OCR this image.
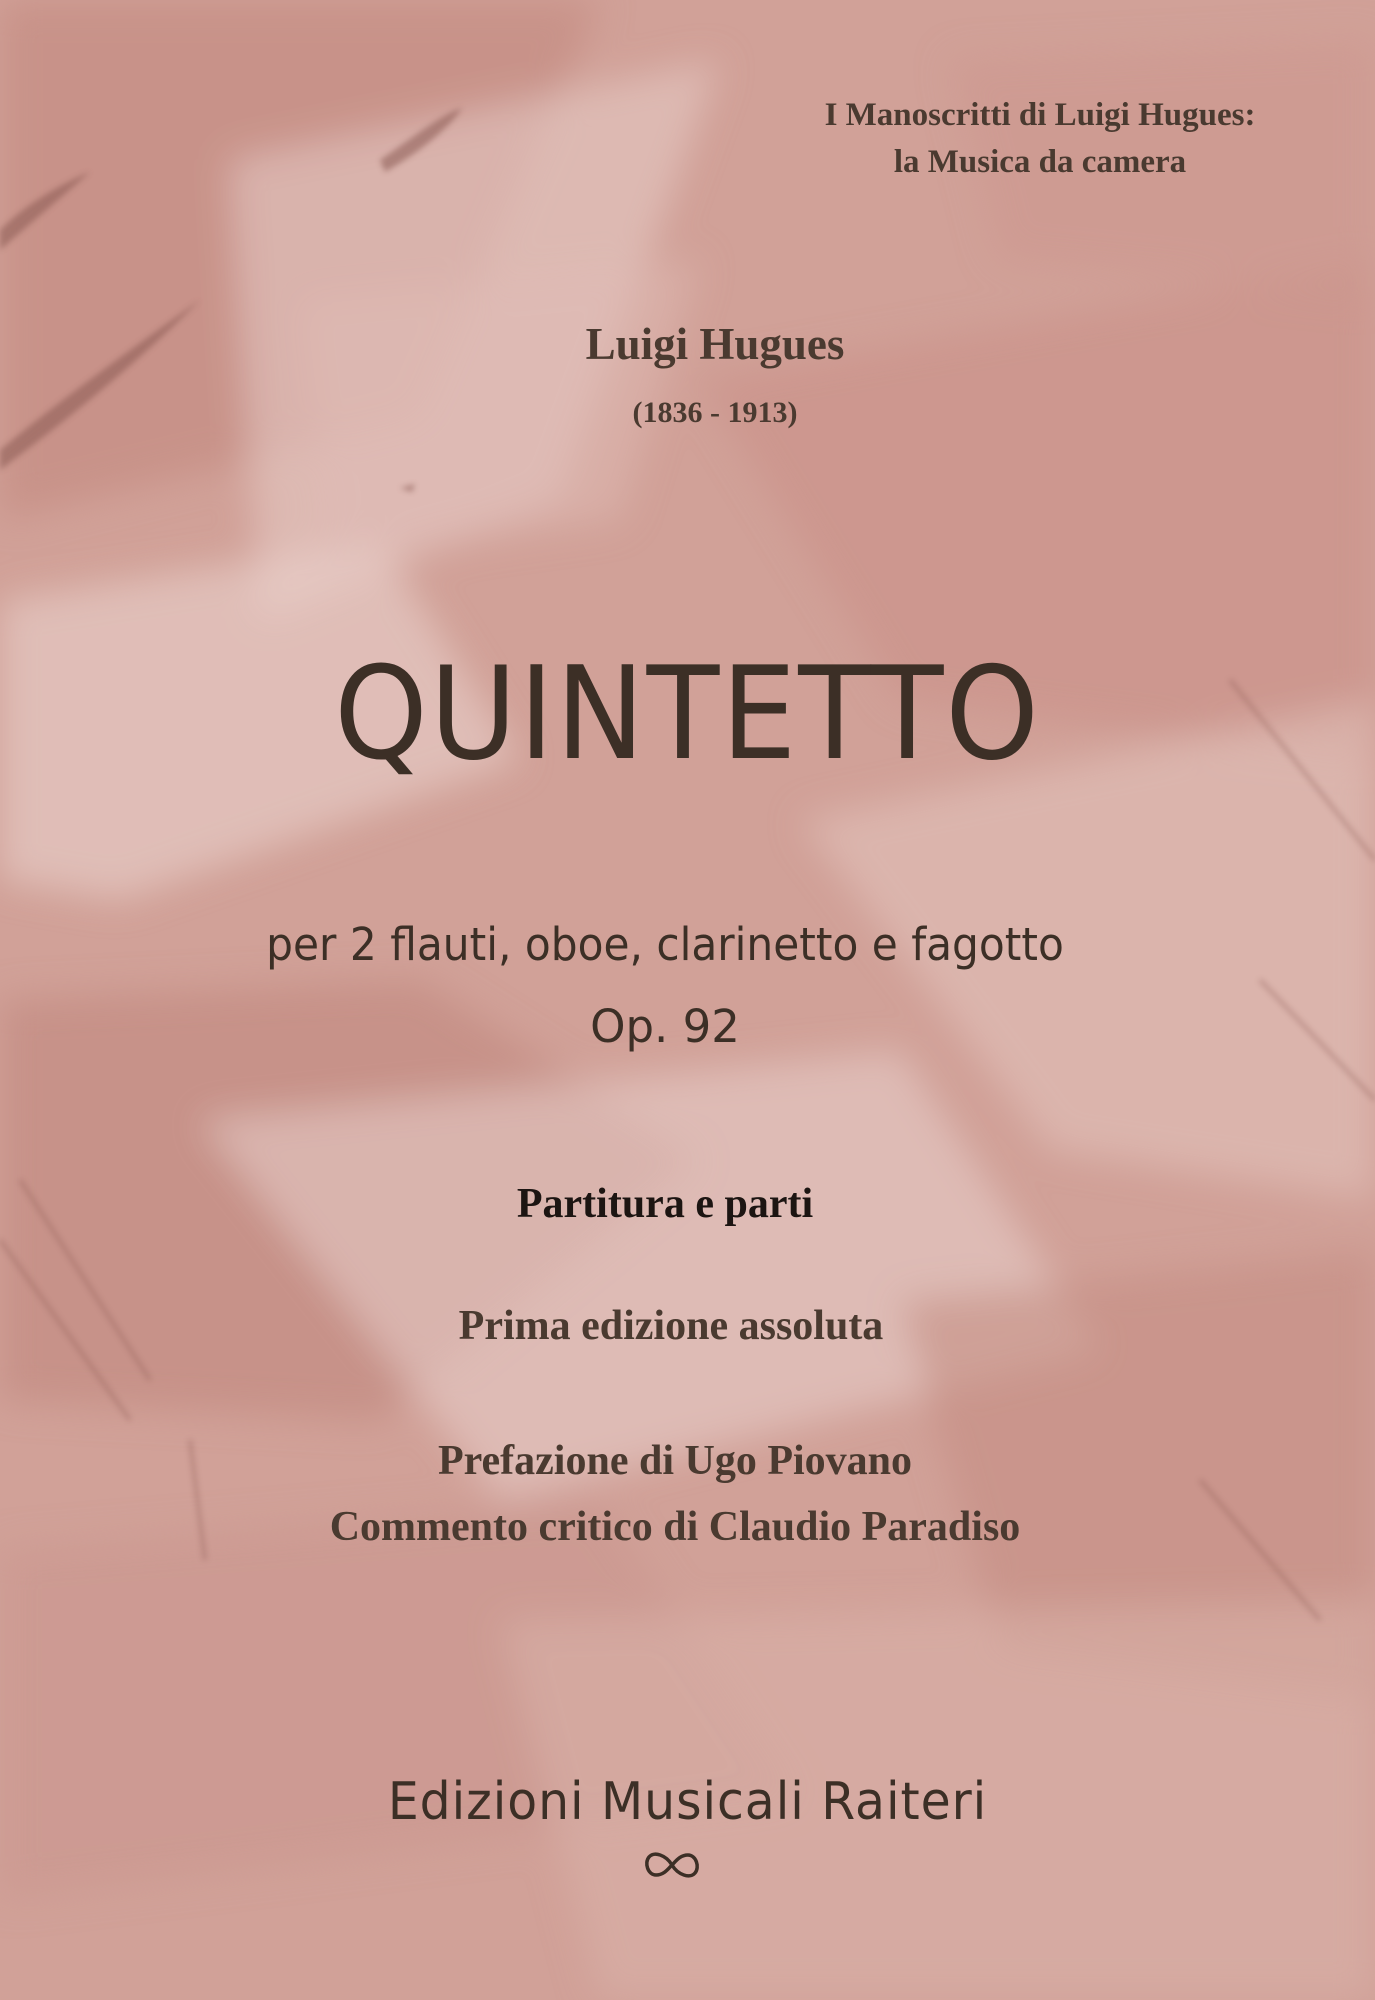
I Manoscritti di Luigi Hugues:
la Musica da camera
Luigi Hugues
(1836 - 1913)
QUINTETTO
per 2 flauti, oboe, clarinetto e fagotto
Op. 92
Partitura e parti
Prima edizione assoluta
Prefazione di Ugo Piovano
Commento critico di Claudio Paradiso
Edizioni Musicali Raiteri
